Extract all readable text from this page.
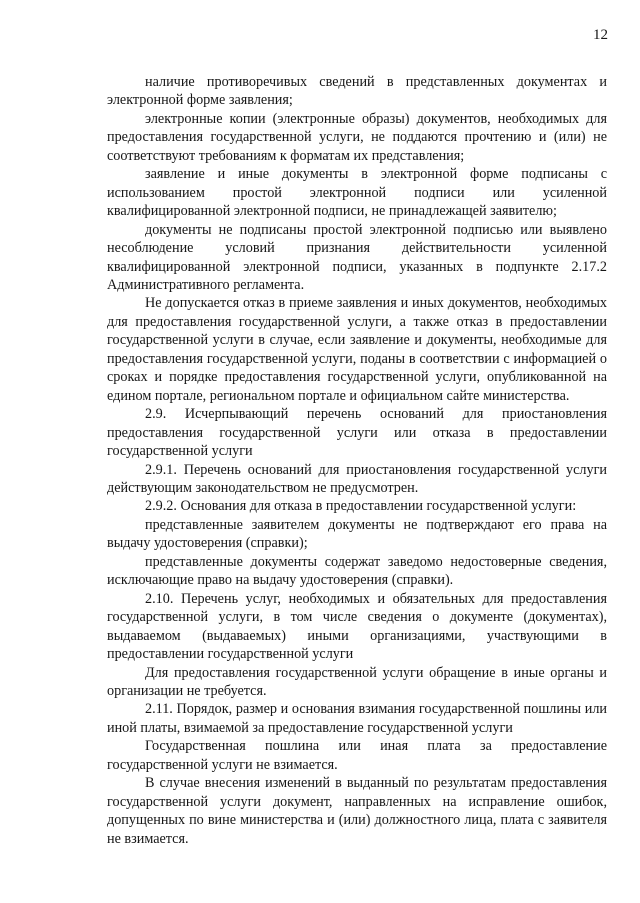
12

наличие противоречивых сведений в представленных документах и электронной форме заявления;

электронные копии (электронные образы) документов, необходимых для предоставления государственной услуги, не поддаются прочтению и (или) не соответствуют требованиям к форматам их представления;

заявление и иные документы в электронной форме подписаны с использованием простой электронной подписи или усиленной квалифицированной электронной подписи, не принадлежащей заявителю;

документы не подписаны простой электронной подписью или выявлено несоблюдение условий признания действительности усиленной квалифицированной электронной подписи, указанных в подпункте 2.17.2 Административного регламента.

Не допускается отказ в приеме заявления и иных документов, необходимых для предоставления государственной услуги, а также отказ в предоставлении государственной услуги в случае, если заявление и документы, необходимые для предоставления государственной услуги, поданы в соответствии с информацией о сроках и порядке предоставления государственной услуги, опубликованной на едином портале, региональном портале и официальном сайте министерства.

2.9. Исчерпывающий перечень оснований для приостановления предоставления государственной услуги или отказа в предоставлении государственной услуги

2.9.1. Перечень оснований для приостановления государственной услуги действующим законодательством не предусмотрен.

2.9.2. Основания для отказа в предоставлении государственной услуги:

представленные заявителем документы не подтверждают его права на выдачу удостоверения (справки);

представленные документы содержат заведомо недостоверные сведения, исключающие право на выдачу удостоверения (справки).

2.10. Перечень услуг, необходимых и обязательных для предоставления государственной услуги, в том числе сведения о документе (документах), выдаваемом (выдаваемых) иными организациями, участвующими в предоставлении государственной услуги

Для предоставления государственной услуги обращение в иные органы и организации не требуется.

2.11. Порядок, размер и основания взимания государственной пошлины или иной платы, взимаемой за предоставление государственной услуги

Государственная пошлина или иная плата за предоставление государственной услуги не взимается.

В случае внесения изменений в выданный по результатам предоставления государственной услуги документ, направленных на исправление ошибок, допущенных по вине министерства и (или) должностного лица, плата с заявителя не взимается.
